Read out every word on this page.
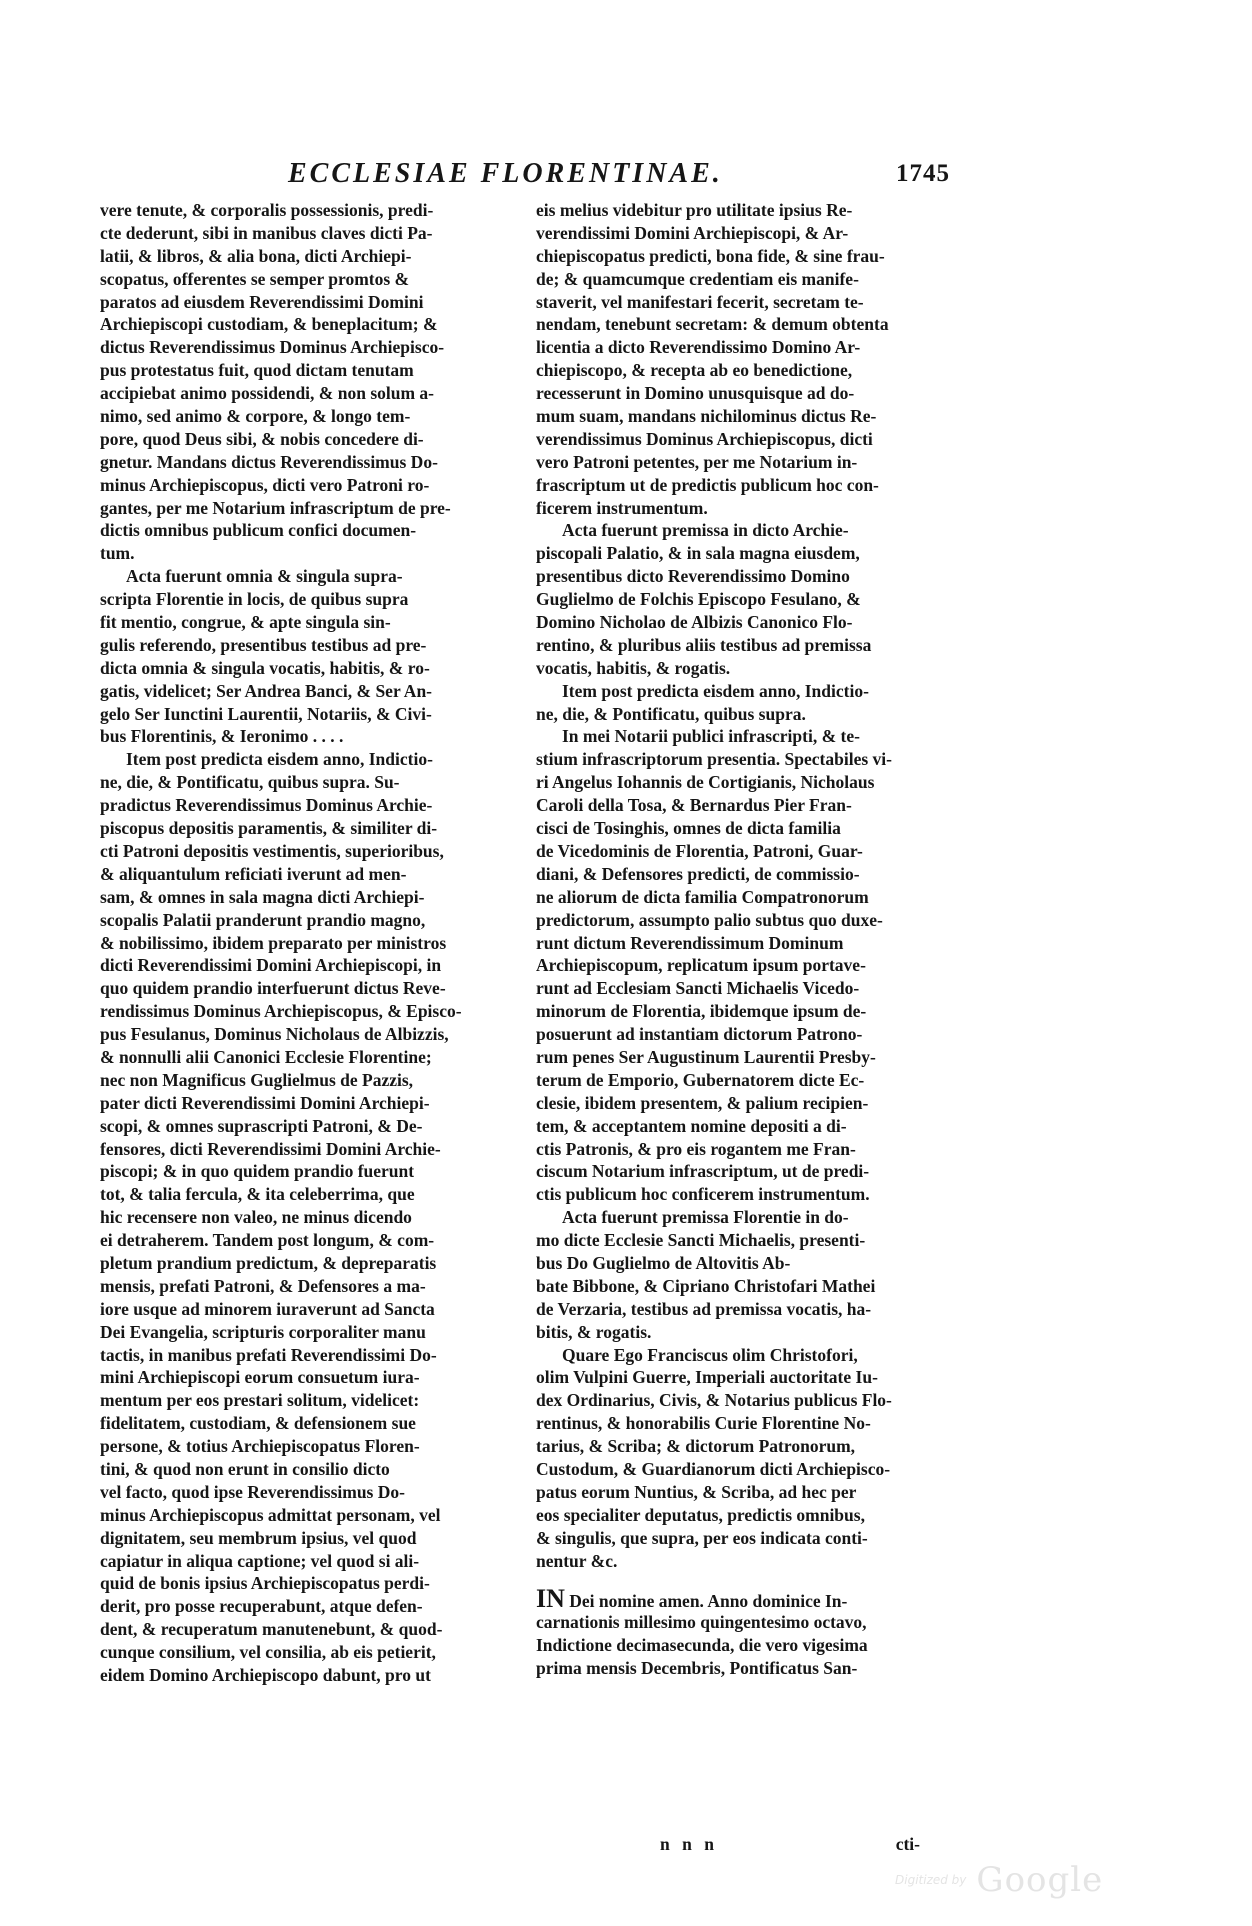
ECCLESIAE FLORENTINAE.	1745
vere tenute, & corporalis possessionis, predi-
cte dederunt, sibi in manibus claves dicti Pa-
latii, & libros, & alia bona, dicti Archiepi-
scopatus, offerentes se semper promtos &
paratos ad eiusdem Reverendissimi Domini
Archiepiscopi custodiam, & beneplacitum; &
dictus Reverendissimus Dominus Archiepisco-
pus protestatus fuit, quod dictam tenutam
accipiebat animo possidendi, & non solum a-
nimo, sed animo & corpore, & longo tem-
pore, quod Deus sibi, & nobis concedere di-
gnetur. Mandans dictus Reverendissimus Do-
minus Archiepiscopus, dicti vero Patroni ro-
gantes, per me Notarium infrascriptum de pre-
dictis omnibus publicum confici documen-
tum.
Acta fuerunt omnia & singula supra-
scripta Florentie in locis, de quibus supra
fit mentio, congrue, & apte singula sin-
gulis referendo, presentibus testibus ad pre-
dicta omnia & singula vocatis, habitis, & ro-
gatis, videlicet; Ser Andrea Banci, & Ser An-
gelo Ser Iunctini Laurentii, Notariis, & Civi-
bus Florentinis, & Ieronimo . . . .
Item post predicta eisdem anno, Indictio-
ne, die, & Pontificatu, quibus supra. Su-
pradictus Reverendissimus Dominus Archie-
piscopus depositis paramentis, & similiter di-
cti Patroni depositis vestimentis, superioribus,
& aliquantulum reficiati iverunt ad men-
sam, & omnes in sala magna dicti Archiepi-
scopalis Palatii pranderunt prandio magno,
& nobilissimo, ibidem preparato per ministros
dicti Reverendissimi Domini Archiepiscopi, in
quo quidem prandio interfuerunt dictus Reve-
rendissimus Dominus Archiepiscopus, & Episco-
pus Fesulanus, Dominus Nicholaus de Albizzis,
& nonnulli alii Canonici Ecclesie Florentine;
nec non Magnificus Guglielmus de Pazzis,
pater dicti Reverendissimi Domini Archiepi-
scopi, & omnes suprascripti Patroni, & De-
fensores, dicti Reverendissimi Domini Archie-
piscopi; & in quo quidem prandio fuerunt
tot, & talia fercula, & ita celeberrima, que
hic recensere non valeo, ne minus dicendo
ei detraherem. Tandem post longum, & com-
pletum prandium predictum, & depreparatis
mensis, prefati Patroni, & Defensores a ma-
iore usque ad minorem iuraverunt ad Sancta
Dei Evangelia, scripturis corporaliter manu
tactis, in manibus prefati Reverendissimi Do-
mini Archiepiscopi eorum consuetum iura-
mentum per eos prestari solitum, videlicet:
fidelitatem, custodiam, & defensionem sue
persone, & totius Archiepiscopatus Floren-
tini, & quod non erunt in consilio dicto
vel facto, quod ipse Reverendissimus Do-
minus Archiepiscopus admittat personam, vel
dignitatem, seu membrum ipsius, vel quod
capiatur in aliqua captione; vel quod si ali-
quid de bonis ipsius Archiepiscopatus perdi-
derit, pro posse recuperabunt, atque defen-
dent, & recuperatum manutenebunt, & quod-
cunque consilium, vel consilia, ab eis petierit,
eidem Domino Archiepiscopo dabunt, pro ut
eis melius videbitur pro utilitate ipsius Re-
verendissimi Domini Archiepiscopi, & Ar-
chiepiscopatus predicti, bona fide, & sine frau-
de; & quamcumque credentiam eis manife-
staverit, vel manifestari fecerit, secretam te-
nendam, tenebunt secretam: & demum obtenta
licentia a dicto Reverendissimo Domino Ar-
chiepiscopo, & recepta ab eo benedictione,
recesserunt in Domino unusquisque ad do-
mum suam, mandans nichilominus dictus Re-
verendissimus Dominus Archiepiscopus, dicti
vero Patroni petentes, per me Notarium in-
frascriptum ut de predictis publicum hoc con-
ficerem instrumentum.
Acta fuerunt premissa in dicto Archie-
piscopali Palatio, & in sala magna eiusdem,
presentibus dicto Reverendissimo Domino
Guglielmo de Folchis Episcopo Fesulano, &
Domino Nicholao de Albizis Canonico Flo-
rentino, & pluribus aliis testibus ad premissa
vocatis, habitis, & rogatis.
Item post predicta eisdem anno, Indictio-
ne, die, & Pontificatu, quibus supra.
In mei Notarii publici infrascripti, & te-
stium infrascriptorum presentia. Spectabiles vi-
ri Angelus Iohannis de Cortigianis, Nicholaus
Caroli della Tosa, & Bernardus Pier Fran-
cisci de Tosinghis, omnes de dicta familia
de Vicedominis de Florentia, Patroni, Guar-
diani, & Defensores predicti, de commissio-
ne aliorum de dicta familia Compatronorum
predictorum, assumpto palio subtus quo duxe-
runt dictum Reverendissimum Dominum
Archiepiscopum, replicatum ipsum portave-
runt ad Ecclesiam Sancti Michaelis Vicedo-
minorum de Florentia, ibidemque ipsum de-
posuerunt ad instantiam dictorum Patrono-
rum penes Ser Augustinum Laurentii Presby-
terum de Emporio, Gubernatorem dicte Ec-
clesie, ibidem presentem, & palium recipien-
tem, & acceptantem nomine depositi a di-
ctis Patronis, & pro eis rogantem me Fran-
ciscum Notarium infrascriptum, ut de predi-
ctis publicum hoc conficerem instrumentum.
Acta fuerunt premissa Florentie in do-
mo dicte Ecclesie Sancti Michaelis, presenti-
bus Do Guglielmo de Altovitis Ab-
bate Bibbone, & Cipriano Christofari Mathei
de Verzaria, testibus ad premissa vocatis, ha-
bitis, & rogatis.
Quare Ego Franciscus olim Christofori,
olim Vulpini Guerre, Imperiali auctoritate Iu-
dex Ordinarius, Civis, & Notarius publicus Flo-
rentinus, & honorabilis Curie Florentine No-
tarius, & Scriba; & dictorum Patronorum,
Custodum, & Guardianorum dicti Archiepisco-
patus eorum Nuntius, & Scriba, ad hec per
eos specialiter deputatus, predictis omnibus,
& singulis, que supra, per eos indicata conti-
nentur &c.
IN Dei nomine amen. Anno dominice In-
carnationis millesimo quingentesimo octavo,
Indictione decimasecunda, die vero vigesima
prima mensis Decembris, Pontificatus San-
n n n	cti-
Digitized by Google
